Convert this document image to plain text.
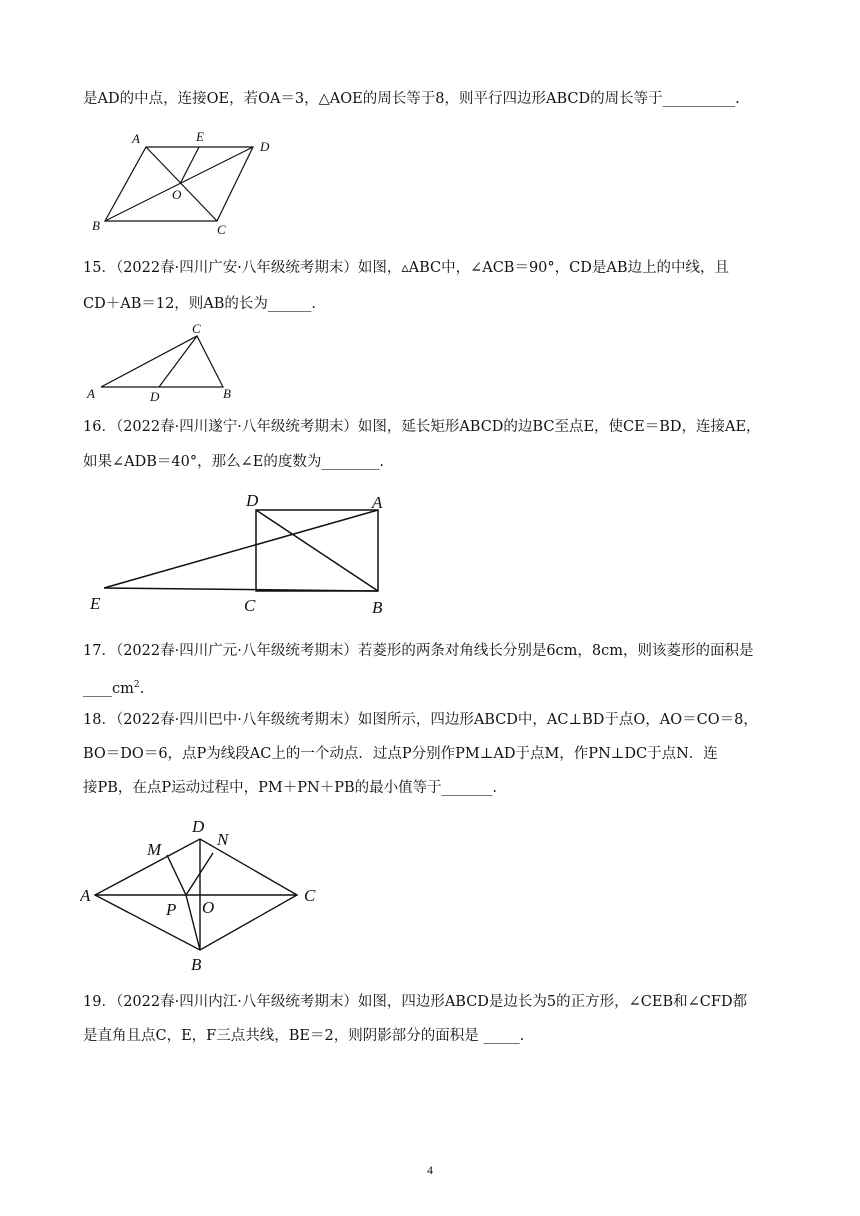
是AD的中点，连接OE，若OA＝3，△AOE的周长等于8，则平行四边形ABCD的周长等于__________.
A	E
D
O
B	C
15．（2022春·四川广安·八年级统考期末）如图，▵ABC中，∠ACB＝90°，CD是AB边上的中线，且
CD＋AB＝12，则AB的长为______.
C
A	D	B
16．（2022春·四川遂宁·八年级统考期末）如图，延长矩形ABCD的边BC至点E，使CE＝BD，连接AE，
如果∠ADB＝40°，那么∠E的度数为________.
D	A
E	C	B
17．（2022春·四川广元·八年级统考期末）若菱形的两条对角线长分别是6cm，8cm，则该菱形的面积是
$\_\_\_\_cm^2$.
18．（2022春·四川巴中·八年级统考期末）如图所示，四边形ABCD中，AC⊥BD于点O，AO＝CO＝8，
BO＝DO＝6，点P为线段AC上的一个动点．过点P分别作PM⊥AD于点M，作PN⊥DC于点N．连
接PB，在点P运动过程中，PM＋PN＋PB的最小值等于_______.
D
N
M
A
P O
C
B
19．（2022春·四川内江·八年级统考期末）如图，四边形ABCD是边长为5的正方形，∠CEB和∠CFD都
是直角且点C，E，F三点共线，BE＝2，则阴影部分的面积是 _____.
4
